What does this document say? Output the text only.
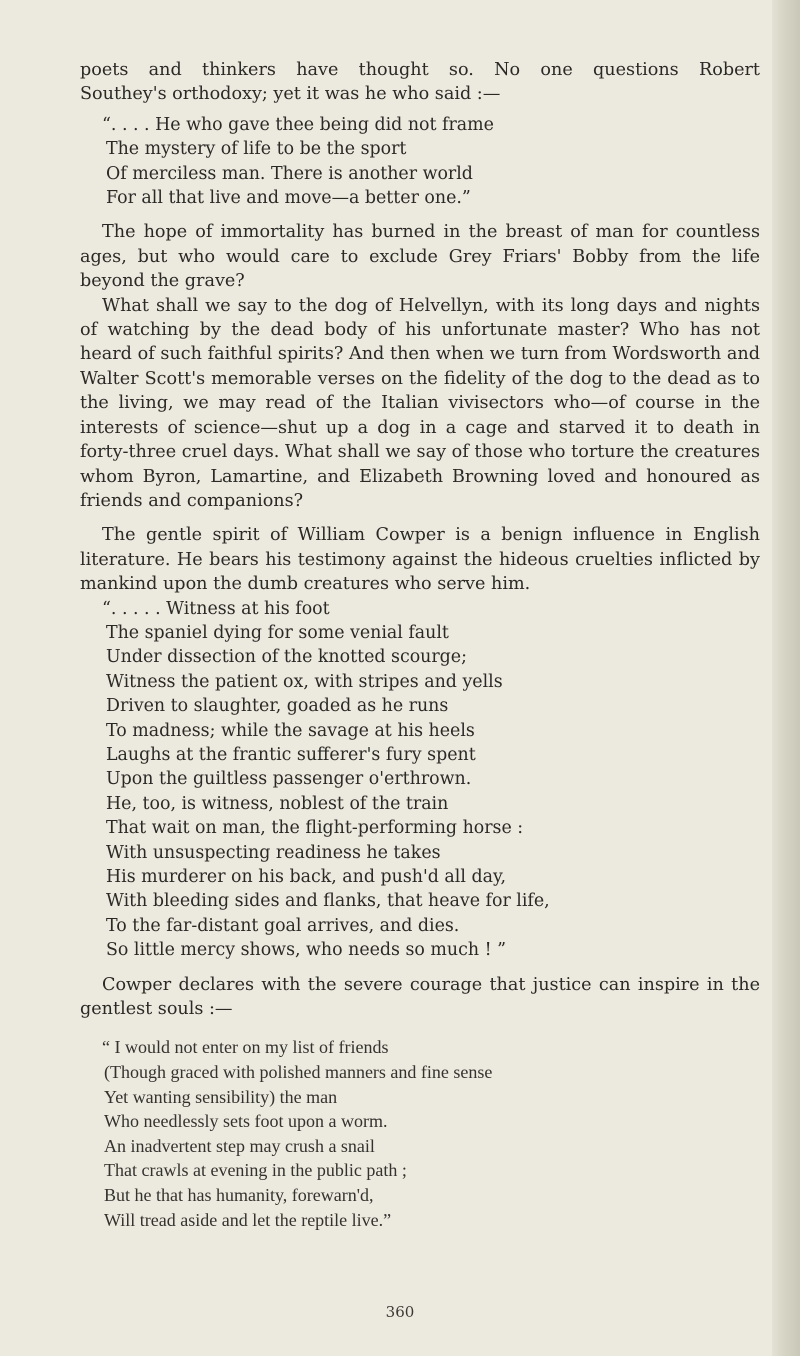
poets and thinkers have thought so. No one questions Robert
Southey's orthodoxy; yet it was he who said :—

“. . . . He who gave thee being did not frame
The mystery of life to be the sport
Of merciless man. There is another world
For all that live and move—a better one.”

The hope of immortality has burned in the breast of man for countless ages, but who would care to exclude Grey Friars' Bobby from the life beyond the grave?

What shall we say to the dog of Helvellyn, with its long days and nights of watching by the dead body of his unfortunate master? Who has not heard of such faithful spirits? And then when we turn from Wordsworth and Walter Scott's memorable verses on the fidelity of the dog to the dead as to the living, we may read of the Italian vivisectors who—of course in the interests of science—shut up a dog in a cage and starved it to death in forty-three cruel days. What shall we say of those who torture the creatures whom Byron, Lamartine, and Elizabeth Browning loved and honoured as friends and companions?

The gentle spirit of William Cowper is a benign influence in English literature. He bears his testimony against the hideous cruelties inflicted by mankind upon the dumb creatures who serve him.

“. . . . . Witness at his foot
The spaniel dying for some venial fault
Under dissection of the knotted scourge;
Witness the patient ox, with stripes and yells
Driven to slaughter, goaded as he runs
To madness; while the savage at his heels
Laughs at the frantic sufferer's fury spent
Upon the guiltless passenger o'erthrown.
He, too, is witness, noblest of the train
That wait on man, the flight-performing horse :
With unsuspecting readiness he takes
His murderer on his back, and push'd all day,
With bleeding sides and flanks, that heave for life,
To the far-distant goal arrives, and dies.
So little mercy shows, who needs so much ! ”

Cowper declares with the severe courage that justice can inspire in the gentlest souls :—

“ I would not enter on my list of friends
(Though graced with polished manners and fine sense
Yet wanting sensibility) the man
Who needlessly sets foot upon a worm.
An inadvertent step may crush a snail
That crawls at evening in the public path ;
But he that has humanity, forewarn'd,
Will tread aside and let the reptile live.”
360
